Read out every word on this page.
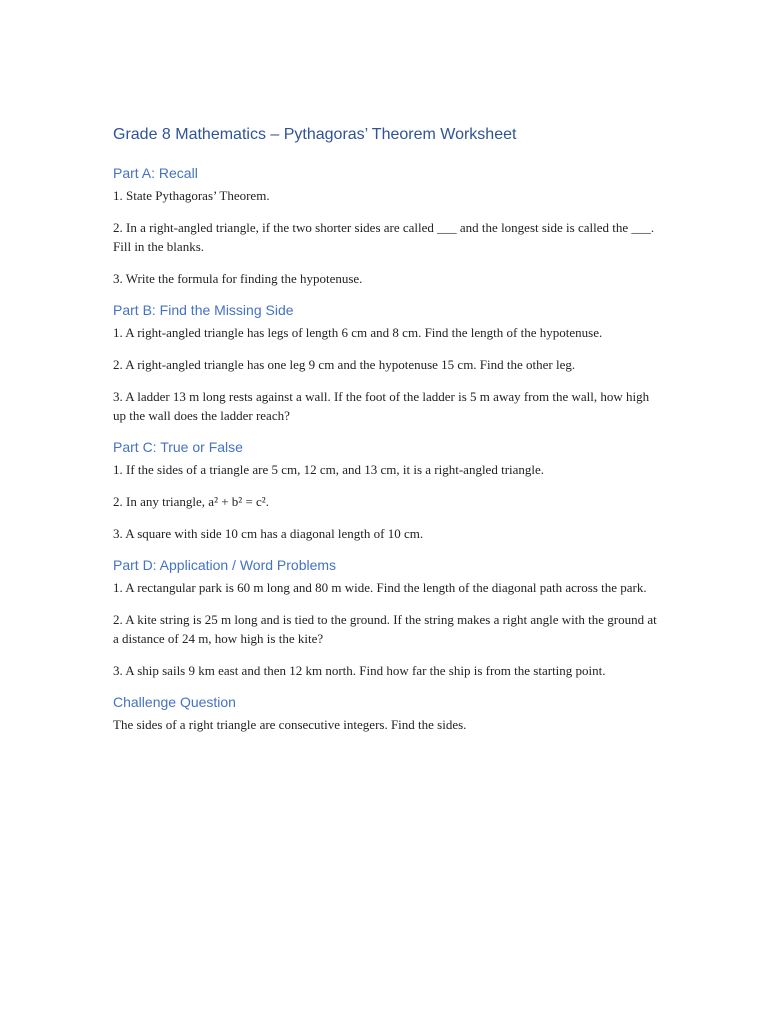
Grade 8 Mathematics – Pythagoras’ Theorem Worksheet
Part A: Recall

1. State Pythagoras’ Theorem.

2. In a right-angled triangle, if the two shorter sides are called ___ and the longest side is called the ___. Fill in the blanks.

3. Write the formula for finding the hypotenuse.

Part B: Find the Missing Side

1. A right-angled triangle has legs of length 6 cm and 8 cm. Find the length of the hypotenuse.

2. A right-angled triangle has one leg 9 cm and the hypotenuse 15 cm. Find the other leg.

3. A ladder 13 m long rests against a wall. If the foot of the ladder is 5 m away from the wall, how high up the wall does the ladder reach?

Part C: True or False

1. If the sides of a triangle are 5 cm, 12 cm, and 13 cm, it is a right-angled triangle.

2. In any triangle, a² + b² = c².

3. A square with side 10 cm has a diagonal length of 10 cm.

Part D: Application / Word Problems

1. A rectangular park is 60 m long and 80 m wide. Find the length of the diagonal path across the park.

2. A kite string is 25 m long and is tied to the ground. If the string makes a right angle with the ground at a distance of 24 m, how high is the kite?

3. A ship sails 9 km east and then 12 km north. Find how far the ship is from the starting point.

Challenge Question

The sides of a right triangle are consecutive integers. Find the sides.
